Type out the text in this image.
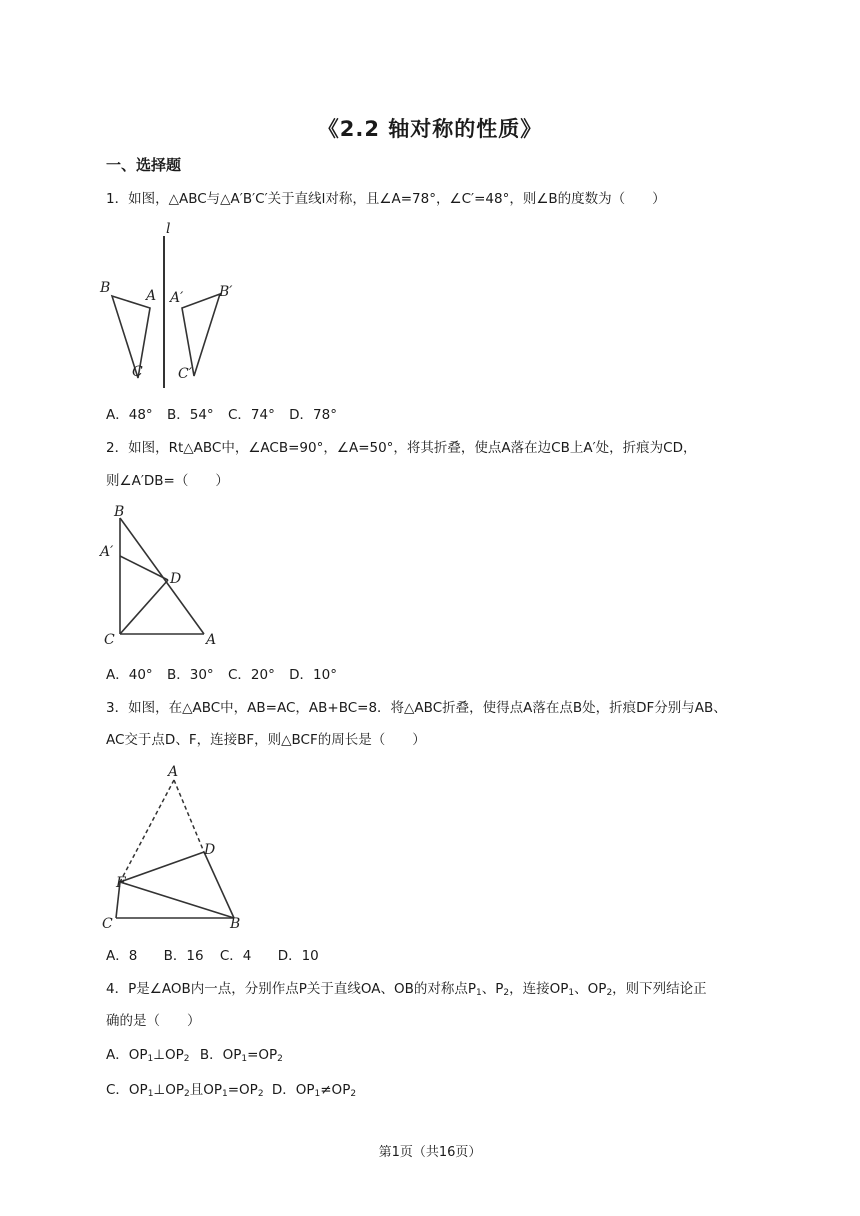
《2.2 轴对称的性质》
一、选择题
1．如图，△ABC与△A′B′C′关于直线l对称，且∠A=78°，∠C′=48°，则∠B的度数为（　　）
l
B	A
C
A′	B′
C′
A．48° B．54° C．74° D．78°
2．如图，Rt△ABC中，∠ACB=90°，∠A=50°，将其折叠，使点A落在边CB上A′处，折痕为CD，
则∠A′DB=（　　）
B
A′
D
C	A
A．40° B．30° C．20° D．10°
3．如图，在△ABC中，AB=AC，AB+BC=8．将△ABC折叠，使得点A落在点B处，折痕DF分别与AB、
AC交于点D、F，连接BF，则△BCF的周长是（　　）
A
D
F
C	B
A．8 B．16 C．4 D．10
4．P是∠AOB内一点，分别作点P关于直线OA、OB的对称点$P_1$、$P_2$，连接$OP_1$、$OP_2$，则下列结论正
确的是（　　）
A．$OP_1\perp OP_2$ B．$OP_1=OP_2$
C．$OP_1\perp OP_2$且$OP_1=OP_2$ D．$OP_1\ne OP_2$
第1页（共16页）
